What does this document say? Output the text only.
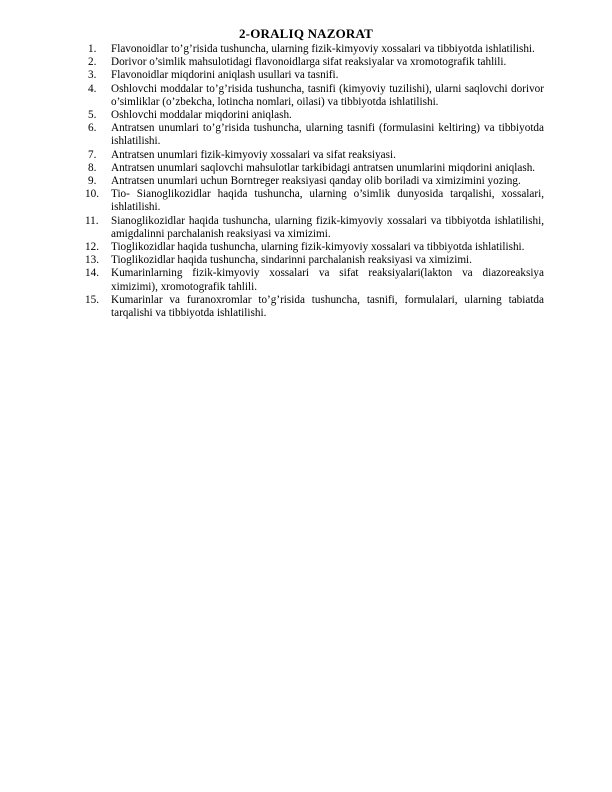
2-ORALIQ NAZORAT
1.	Flavonoidlar to’g’risida tushuncha, ularning fizik-kimyoviy xossalari va tibbiyotda ishlatilishi.
2.	Dorivor o’simlik mahsulotidagi flavonoidlarga sifat reaksiyalar va xromotografik tahlili.
3.	Flavonoidlar miqdorini aniqlash usullari va tasnifi.
4.	Oshlovchi moddalar to’g’risida tushuncha, tasnifi (kimyoviy tuzilishi), ularni saqlovchi dorivor o’simliklar (o’zbekcha, lotincha nomlari, oilasi) va tibbiyotda ishlatilishi.
5.	Oshlovchi moddalar miqdorini aniqlash.
6.	Antratsen unumlari to’g’risida tushuncha, ularning tasnifi (formulasini keltiring) va tibbiyotda ishlatilishi.
7.	Antratsen unumlari fizik-kimyoviy xossalari va sifat reaksiyasi.
8.	Antratsen unumlari saqlovchi mahsulotlar tarkibidagi antratsen unumlarini miqdorini aniqlash.
9.	Antratsen unumlari uchun Borntreger reaksiyasi qanday olib boriladi va ximizimini yozing.
10.	Tio- Sianoglikozidlar haqida tushuncha, ularning o’simlik dunyosida tarqalishi, xossalari, ishlatilishi.
11.	Sianoglikozidlar haqida tushuncha, ularning fizik-kimyoviy xossalari va tibbiyotda ishlatilishi, amigdalinni parchalanish reaksiyasi va ximizimi.
12.	Tioglikozidlar haqida tushuncha, ularning fizik-kimyoviy xossalari va tibbiyotda ishlatilishi.
13.	Tioglikozidlar haqida tushuncha, sindarinni parchalanish reaksiyasi va ximizimi.
14.	Kumarinlarning fizik-kimyoviy xossalari va sifat reaksiyalari(lakton va diazoreaksiya ximizimi), xromotografik tahlili.
15.	Kumarinlar va furanoxromlar to’g’risida tushuncha, tasnifi, formulalari, ularning tabiatda tarqalishi va tibbiyotda ishlatilishi.
